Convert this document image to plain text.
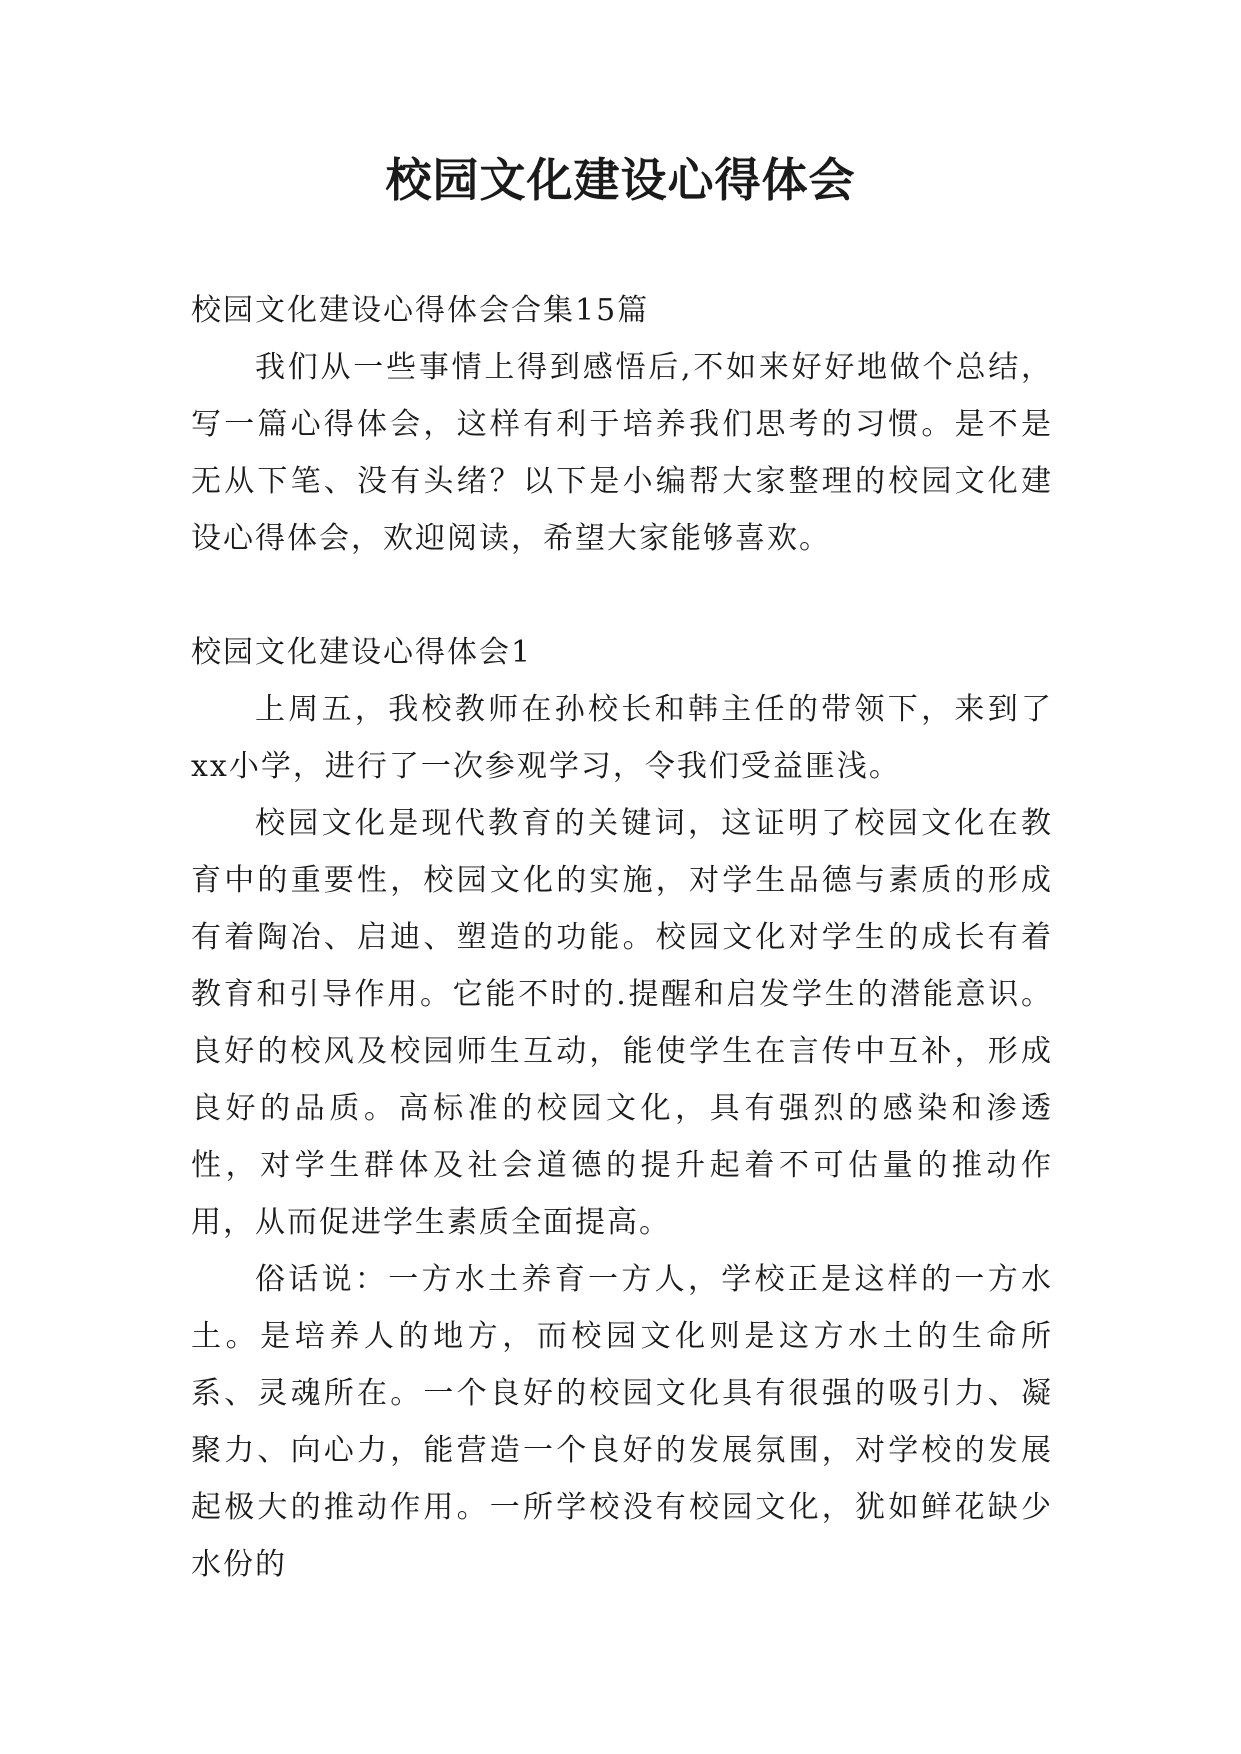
校园文化建设心得体会

校园文化建设心得体会合集15篇

我们从一些事情上得到感悟后,不如来好好地做个总结，写一篇心得体会，这样有利于培养我们思考的习惯。是不是无从下笔、没有头绪？以下是小编帮大家整理的校园文化建设心得体会，欢迎阅读，希望大家能够喜欢。

校园文化建设心得体会1

上周五，我校教师在孙校长和韩主任的带领下，来到了xx小学，进行了一次参观学习，令我们受益匪浅。

校园文化是现代教育的关键词，这证明了校园文化在教育中的重要性，校园文化的实施，对学生品德与素质的形成有着陶冶、启迪、塑造的功能。校园文化对学生的成长有着教育和引导作用。它能不时的.提醒和启发学生的潜能意识。良好的校风及校园师生互动，能使学生在言传中互补，形成良好的品质。高标准的校园文化，具有强烈的感染和渗透性，对学生群体及社会道德的提升起着不可估量的推动作用，从而促进学生素质全面提高。

俗话说：一方水土养育一方人，学校正是这样的一方水土。是培养人的地方，而校园文化则是这方水土的生命所系、灵魂所在。一个良好的校园文化具有很强的吸引力、凝聚力、向心力，能营造一个良好的发展氛围，对学校的发展起极大的推动作用。一所学校没有校园文化，犹如鲜花缺少水份的
